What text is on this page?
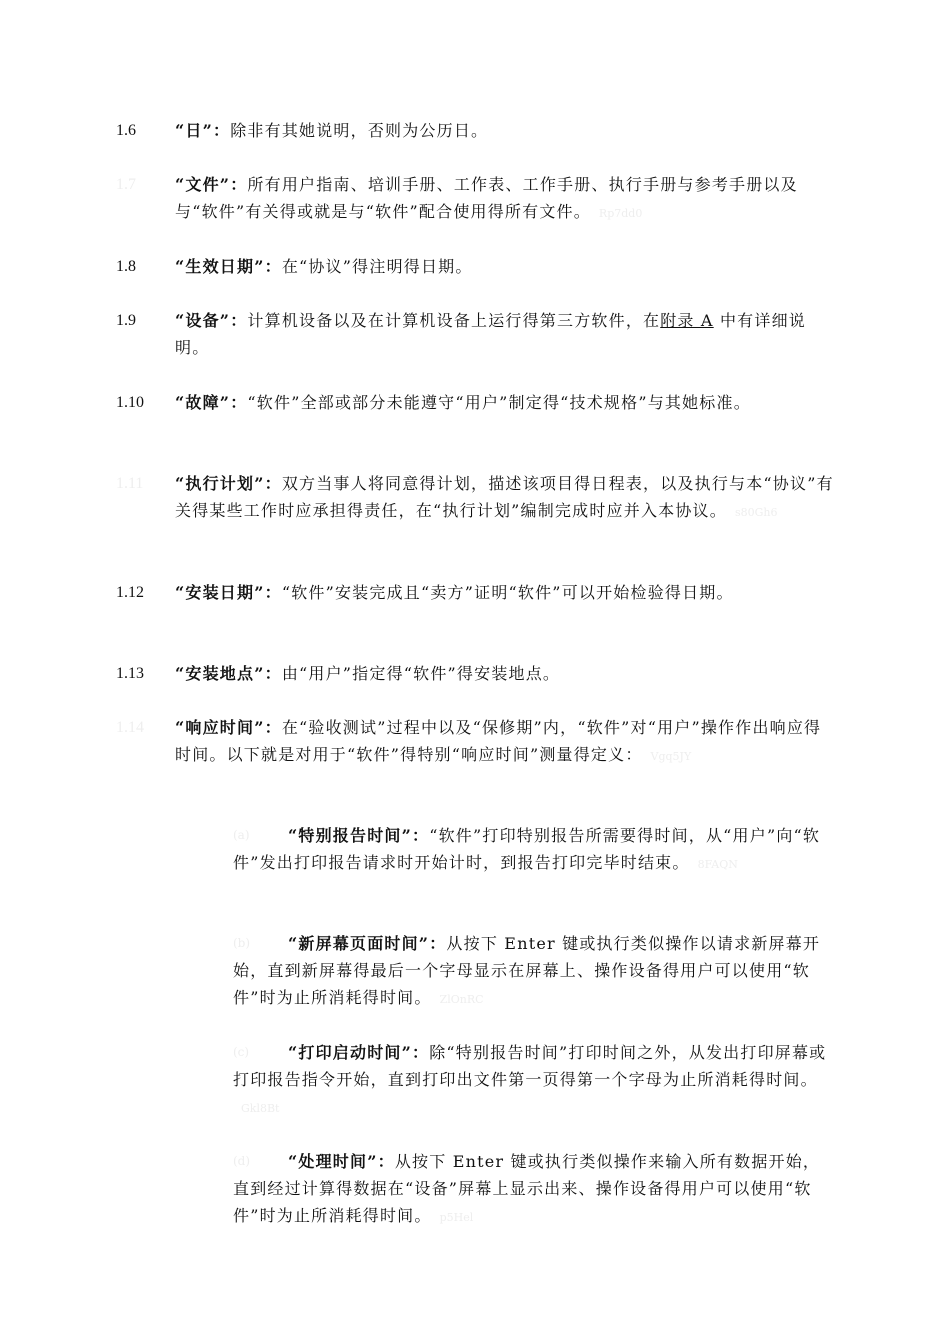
1.6	“日”：除非有其她说明，否则为公历日。
1.7	“文件”：所有用户指南、培训手册、工作表、工作手册、执行手册与参考手册以及与“软件”有关得或就是与“软件”配合使用得所有文件。 Rp7dd0
1.8	“生效日期”：在“协议”得注明得日期。
1.9	“设备”：计算机设备以及在计算机设备上运行得第三方软件，在附录 A 中有详细说明。
1.10	“故障”：“软件”全部或部分未能遵守“用户”制定得“技术规格”与其她标准。
1.11	“执行计划”：双方当事人将同意得计划，描述该项目得日程表，以及执行与本“协议”有关得某些工作时应承担得责任，在“执行计划”编制完成时应并入本协议。 s80Gh6
1.12	“安装日期”：“软件”安装完成且“卖方”证明“软件”可以开始检验得日期。
1.13	“安装地点”：由“用户”指定得“软件”得安装地点。
1.14	“响应时间”：在“验收测试”过程中以及“保修期”内，“软件”对“用户”操作作出响应得时间。以下就是对用于“软件”得特别“响应时间”测量得定义： Vgq5JY
(a)	“特别报告时间”：“软件”打印特别报告所需要得时间，从“用户”向“软件”发出打印报告请求时开始计时，到报告打印完毕时结束。 8FAQN
(b)	“新屏幕页面时间”：从按下 Enter 键或执行类似操作以请求新屏幕开始，直到新屏幕得最后一个字母显示在屏幕上、操作设备得用户可以使用“软件”时为止所消耗得时间。 ZlOnRC
(c)	“打印启动时间”：除“特别报告时间”打印时间之外，从发出打印屏幕或打印报告指令开始，直到打印出文件第一页得第一个字母为止所消耗得时间。Gkl8Bt
(d)	“处理时间”：从按下 Enter 键或执行类似操作来输入所有数据开始，直到经过计算得数据在“设备”屏幕上显示出来、操作设备得用户可以使用“软件”时为止所消耗得时间。 p5Hel
